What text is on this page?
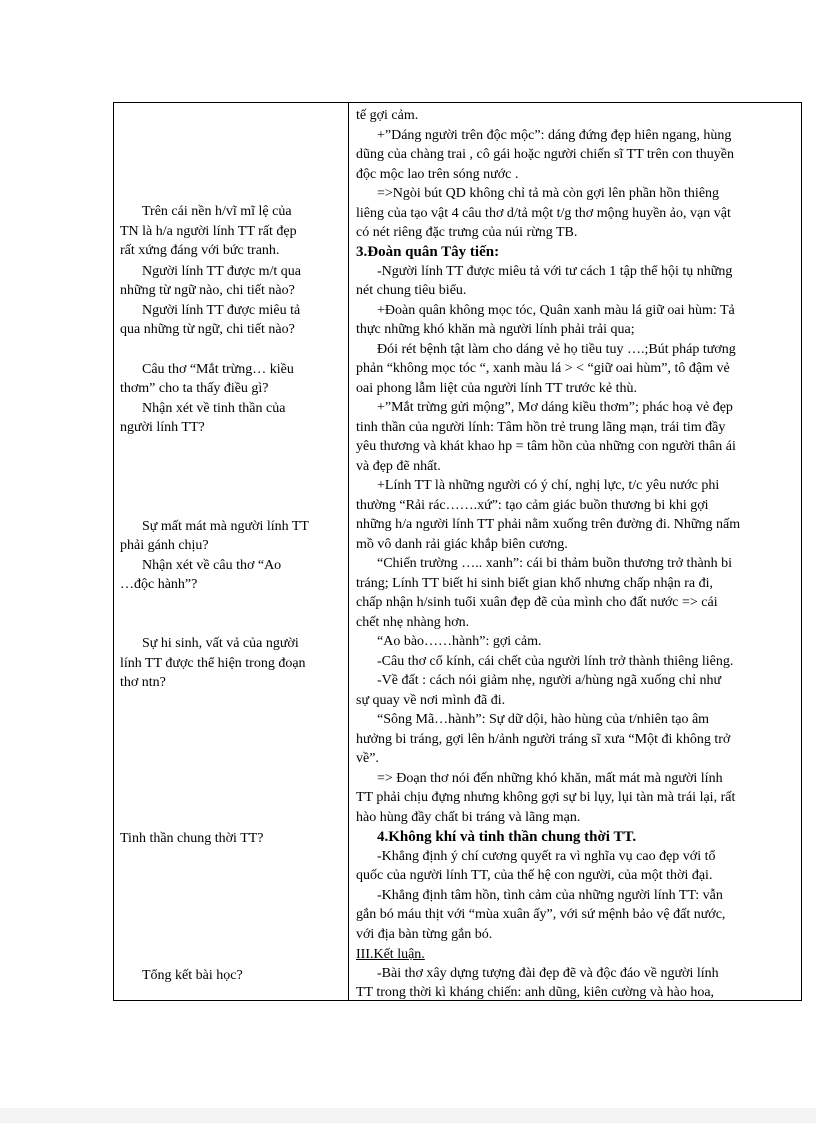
Trên cái nền h/vĩ mĩ lệ của
TN là h/a người lính TT rất đẹp
rất xứng đáng với bức tranh.
Người lính TT được m/t qua
những từ ngữ nào, chi tiết nào?
Người lính TT được miêu tả
qua những từ ngữ, chi tiết nào?
Câu thơ “Mắt trừng… kiều
thơm” cho ta thấy điều gì?
Nhận xét về tinh thần của
người lính TT?
Sự mất mát mà người lính TT
phải gánh chịu?
Nhận xét về câu thơ “Ao
…độc hành”?
Sự hi sinh, vất vả của người
lính TT được thể hiện trong đoạn
thơ ntn?
Tinh thần chung thời TT?
Tổng kết bài học?
tế gợi cảm.
+”Dáng người trên độc mộc”: dáng đứng đẹp hiên ngang, hùng
dũng của chàng trai , cô gái hoặc người chiến sĩ TT trên con thuyền
độc mộc lao trên sóng nước .
=>Ngòi bút QD không chỉ tả mà còn gợi lên phần hồn thiêng
liêng của tạo vật 4 câu thơ d/tả một t/g thơ mộng huyền ảo, vạn vật
có nét riêng đặc trưng của núi rừng TB.
3.Đoàn quân Tây tiến:
-Người lính TT được miêu tả với tư cách 1 tập thể hội tụ những
nét chung tiêu biểu.
+Đoàn quân không mọc tóc, Quân xanh màu lá giữ oai hùm: Tả
thực những khó khăn mà người lính phải trải qua;
Đói rét bệnh tật làm cho dáng vẻ họ tiều tuy ….;Bút pháp tương
phản “không mọc tóc “, xanh màu lá > < “giữ oai hùm”, tô đậm vẻ
oai phong lẫm liệt của người lính TT trước kẻ thù.
+”Mắt trừng gửi mộng”, Mơ dáng kiều thơm”; phác hoạ vẻ đẹp
tinh thần của người lính: Tâm hồn trẻ trung lãng mạn, trái tim đầy
yêu thương và khát khao hp = tâm hồn của những con người thân ái
và đẹp đẽ nhất.
+Lính TT là những người có ý chí, nghị lực, t/c yêu nước phi
thường “Rải rác…….xứ”: tạo cảm giác buồn thương bi khi gợi
những h/a người lính TT phải nằm xuống trên đường đi. Những nấm
mồ vô danh rải giác khắp biên cương.
“Chiến trường ….. xanh”: cái bi thảm buồn thương trở thành bi
tráng; Lính TT biết hi sinh biết gian khổ nhưng chấp nhận ra đi,
chấp nhận h/sinh tuổi xuân đẹp đẽ của mình cho đất nước => cái
chết nhẹ nhàng hơn.
“Ao bào……hành”: gợi cảm.
-Câu thơ cổ kính, cái chết của người lính trở thành thiêng liêng.
-Về đất : cách nói giảm nhẹ, người a/hùng ngã xuống chỉ như
sự quay về nơi mình đã đi.
“Sông Mã…hành”: Sự dữ dội, hào hùng của t/nhiên tạo âm
hưởng bi tráng, gợi lên h/ảnh người tráng sĩ xưa “Một đi không trở
về”.
=> Đoạn thơ nói đến những khó khăn, mất mát mà người lính
TT phải chịu đựng nhưng không gợi sự bi lụy, lụi tàn mà trái lại, rất
hào hùng đầy chất bi tráng và lãng mạn.
4.Không khí và tinh thần chung thời TT.
-Khẳng định ý chí cương quyết ra vì nghĩa vụ cao đẹp với tổ
quốc của người lính TT, của thế hệ con người, của một thời đại.
-Khẳng định tâm hồn, tình cảm của những người lính TT: vẫn
gắn bó máu thịt với “mùa xuân ấy”, với sứ mệnh bảo vệ đất nước,
với địa bàn từng gắn bó.
III.Kết luận.
-Bài thơ xây dựng tượng đài đẹp đẽ và độc đáo về người lính
TT trong thời kì kháng chiến: anh dũng, kiên cường và hào hoa,
